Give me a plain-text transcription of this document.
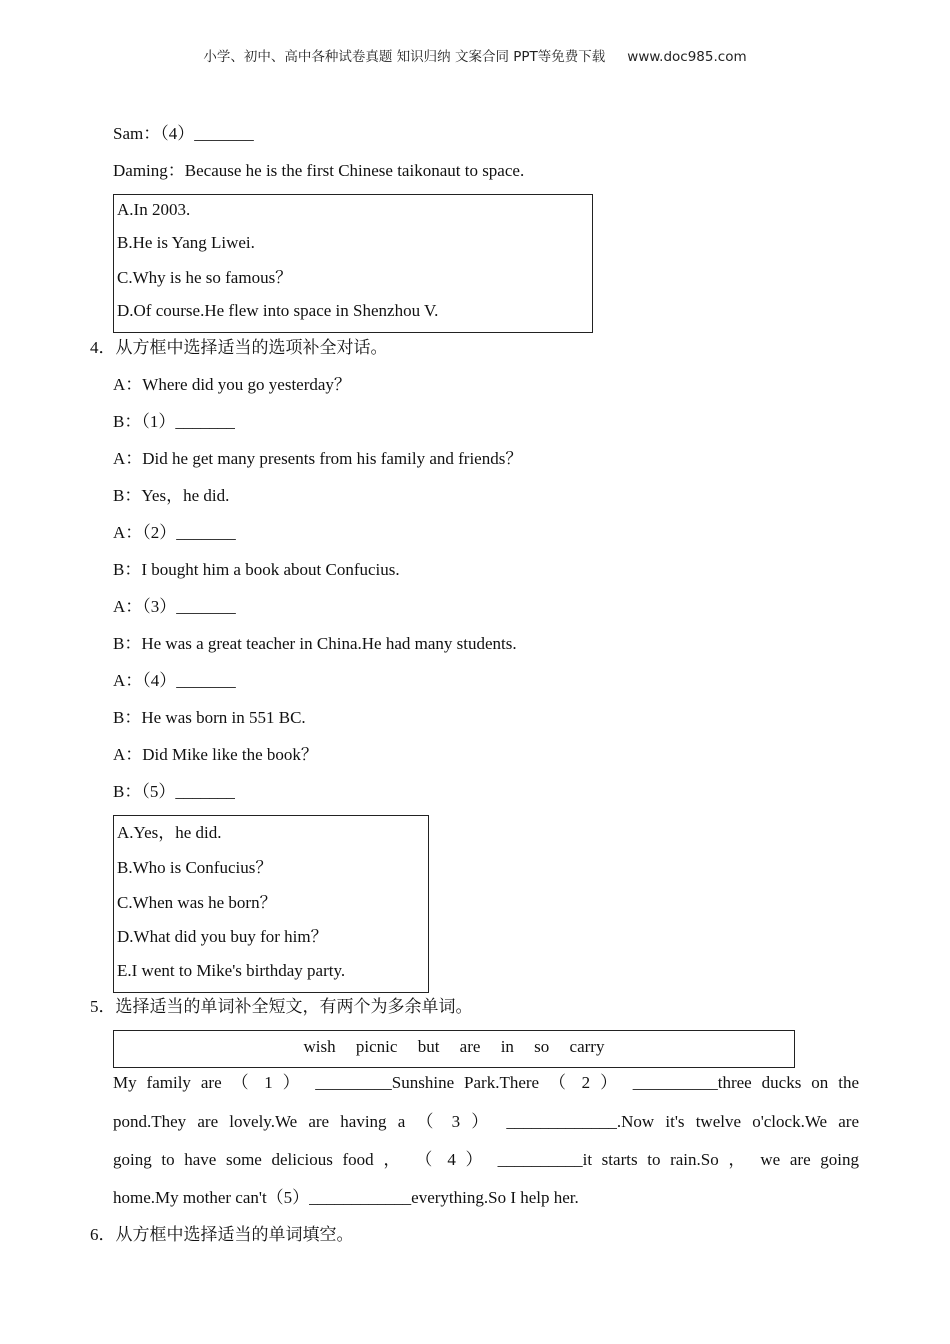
小学、初中、高中各种试卷真题 知识归纳 文案合同 PPT等免费下载 www.doc985.com
Sam：（4）_______
Daming：Because he is the first Chinese taikonaut to space.
A.In 2003.
B.He is Yang Liwei.
C.Why is he so famous？
D.Of course.He flew into space in Shenzhou V.
4．从方框中选择适当的选项补全对话。
A：Where did you go yesterday？
B：（1）_______
A：Did he get many presents from his family and friends？
B：Yes，he did.
A：（2）_______
B：I bought him a book about Confucius.
A：（3）_______
B：He was a great teacher in China.He had many students.
A：（4）_______
B：He was born in 551 BC.
A：Did Mike like the book？
B：（5）_______
A.Yes，he did.
B.Who is Confucius？
C.When was he born？
D.What did you buy for him？
E.I went to Mike's birthday party.
5．选择适当的单词补全短文，有两个为多余单词。
wish picnic but are in so carry
My family are （ 1 ） _________Sunshine Park.There （ 2 ） __________three ducks on the
pond.They are lovely.We are having a （ 3 ） _____________.Now it's twelve o'clock.We are
going to have some delicious food ， （ 4 ） __________it starts to rain.So ， we are going
home.My mother can't（5）____________everything.So I help her.
6．从方框中选择适当的单词填空。
